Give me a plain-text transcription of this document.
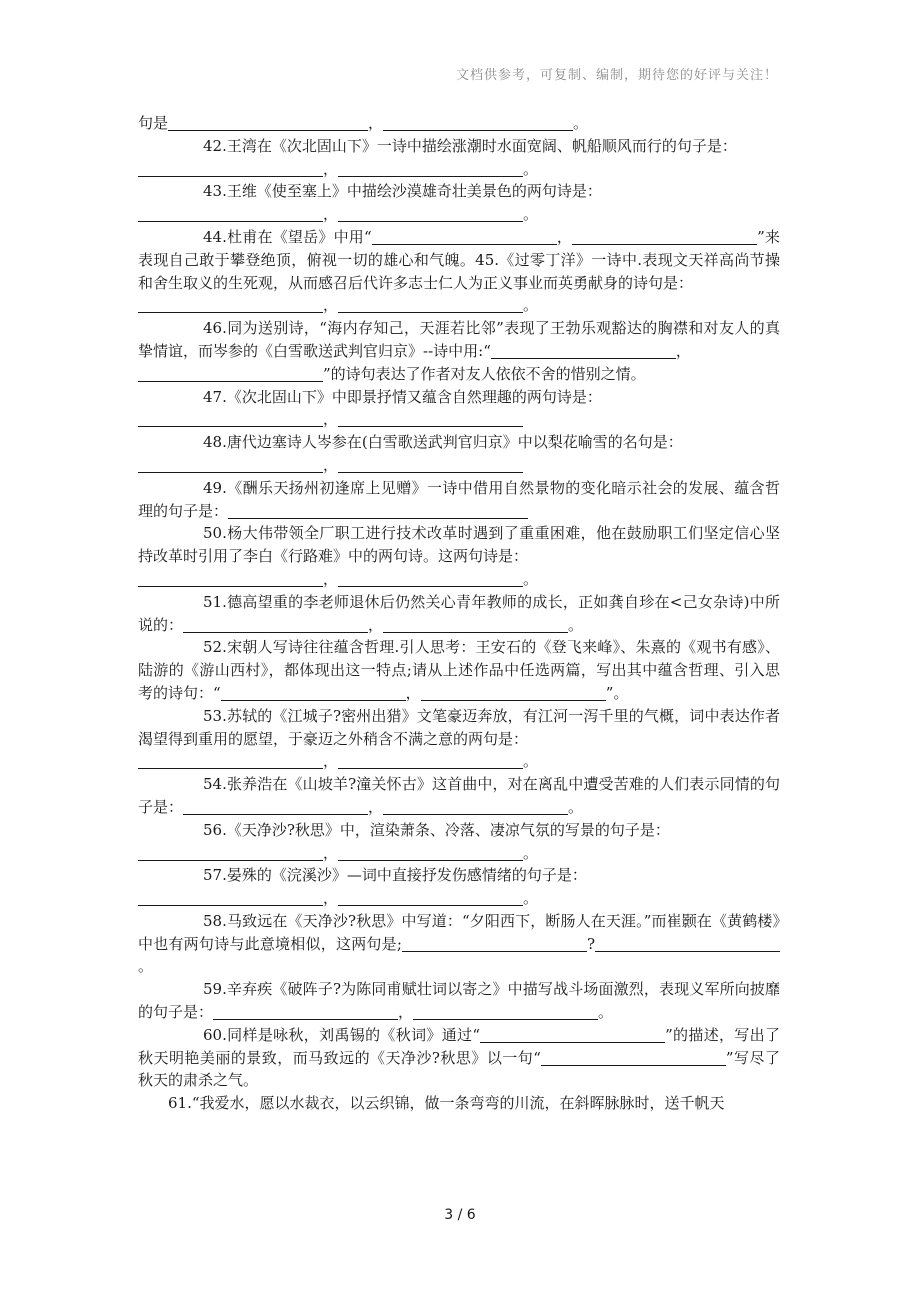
文档供参考，可复制、编制，期待您的好评与关注！

句是	，	。

42.王湾在《次北固山下》一诗中描绘涨潮时水面宽阔、帆船顺风而行的句子是：
，	。

43.王维《使至塞上》中描绘沙漠雄奇壮美景色的两句诗是：
，	。

44.杜甫在《望岳》中用“	，	”来表现自己敢于攀登绝顶，俯视一切的雄心和气魄。45.《过零丁洋》一诗中.表现文天祥高尚节操和舍生取义的生死观，从而感召后代许多志士仁人为正义事业而英勇献身的诗句是：
，	。

46.同为送别诗，“海内存知己，天涯若比邻”表现了王勃乐观豁达的胸襟和对友人的真挚情谊，而岑参的《白雪歌送武判官归京》--诗中用:“	，
”的诗句表达了作者对友人依依不舍的惜别之情。

47.《次北固山下》中即景抒情又蕴含自然理趣的两句诗是：
，

48.唐代边塞诗人岑参在(白雪歌送武判官归京》中以梨花喻雪的名句是：
，

49.《酬乐天扬州初逢席上见赠》一诗中借用自然景物的变化暗示社会的发展、蕴含哲理的句子是：

50.杨大伟带领全厂职工进行技术改革时遇到了重重困难，他在鼓励职工们坚定信心坚持改革时引用了李白《行路难》中的两句诗。这两句诗是：
，	。

51.德高望重的李老师退休后仍然关心青年教师的成长，正如龚自珍在<己女杂诗)中所说的：	，	。

52.宋朝人写诗往往蕴含哲理.引人思考：王安石的《登飞来峰》、朱熹的《观书有感》、陆游的《游山西村》，都体现出这一特点;请从上述作品中任选两篇，写出其中蕴含哲理、引入思考的诗句：“	，	”。

53.苏轼的《江城子?密州出猎》文笔豪迈奔放，有江河一泻千里的气概，词中表达作者渴望得到重用的愿望，于豪迈之外稍含不满之意的两句是：
，	。

54.张养浩在《山坡羊?潼关怀古》这首曲中，对在离乱中遭受苦难的人们表示同情的句子是：	，	。

56.《天净沙?秋思》中，渲染萧条、冷落、凄凉气氛的写景的句子是：
，	。

57.晏殊的《浣溪沙》—词中直接抒发伤感情绪的句子是：
，	。

58.马致远在《天净沙?秋思》中写道：“夕阳西下，断肠人在天涯。”而崔颢在《黄鹤楼》中也有两句诗与此意境相似，这两句是;	?。

59.辛弃疾《破阵子?为陈同甫赋壮词以寄之》中描写战斗场面激烈，表现义军所向披靡的句子是：	，	。

60.同样是咏秋，刘禹锡的《秋词》通过“	”的描述，写出了秋天明艳美丽的景致，而马致远的《天净沙?秋思》以一句“	”写尽了秋天的肃杀之气。

61.“我爱水，愿以水裁衣，以云织锦，做一条弯弯的川流，在斜晖脉脉时，送千帆天

3 / 6
